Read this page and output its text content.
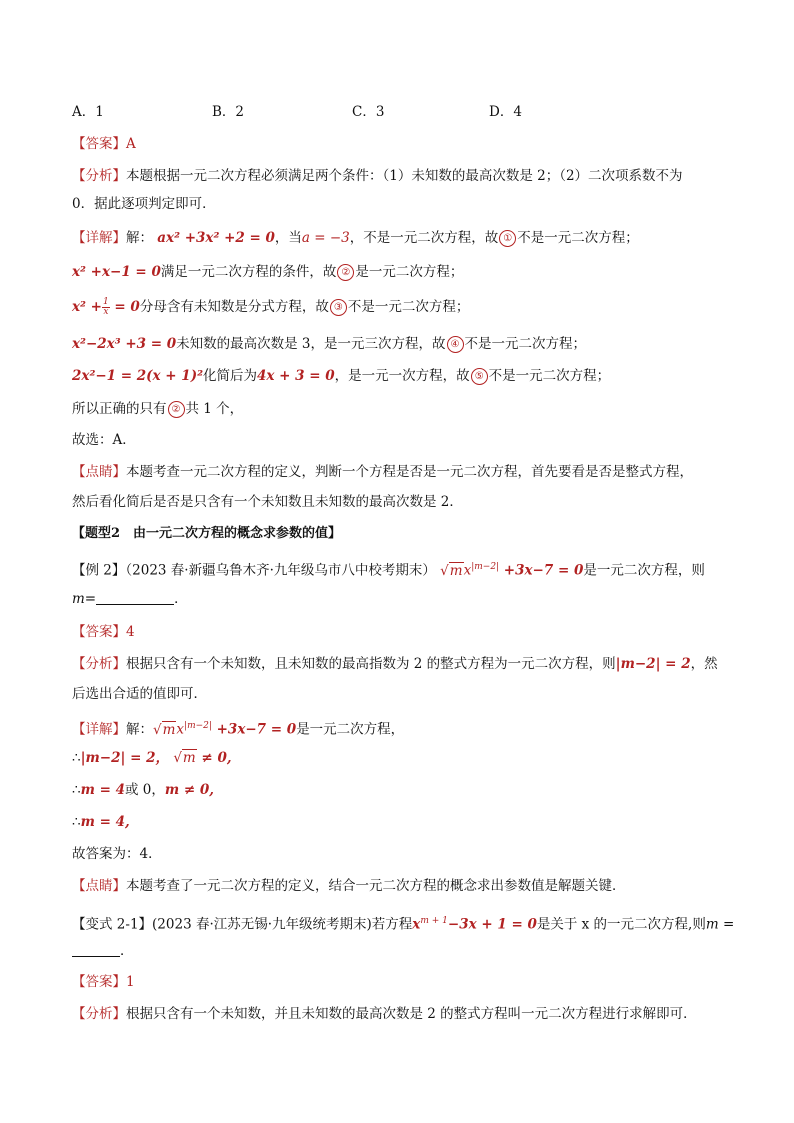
A．1	B．2	C．3	D．4
【答案】A
【分析】本题根据一元二次方程必须满足两个条件：（1）未知数的最高次数是 2；（2）二次项系数不为
0．据此逐项判定即可．
【详解】解： ax² +3x² +2 = 0，当a = −3，不是一元二次方程，故 ① 不是一元二次方程；
x² +x−1 = 0满足一元二次方程的条件，故 ② 是一元二次方程；
$x^2 + \frac{1}{x} = 0$分母含有未知数是分式方程，故 ③ 不是一元二次方程；
x²−2x³ +3 = 0未知数的最高次数是 3，是一元三次方程，故 ④ 不是一元二次方程；
2x²−1 = 2(x + 1)²化简后为4x + 3 = 0，是一元一次方程，故 ⑤ 不是一元二次方程；
所以正确的只有 ② 共 1 个，
故选：A．
【点睛】本题考查一元二次方程的定义，判断一个方程是否是一元二次方程，首先要看是否是整式方程，
然后看化简后是否是只含有一个未知数且未知数的最高次数是 2．
【题型2　由一元二次方程的概念求参数的值】
【例 2】（2023 春·新疆乌鲁木齐·九年级乌市八中校考期末） $√mx^{|m-2|} +3x-7 = 0$是一元二次方程，则
m=	．
【答案】4
【分析】根据只含有一个未知数，且未知数的最高指数为 2 的整式方程为一元二次方程，则|m−2| = 2，然
后选出合适的值即可．
【详解】解：$√mx^{|m-2|} +3x-7 = 0$是一元二次方程，
∴|m−2| = 2， √m ≠ 0,
∴m = 4或 0，m ≠ 0,
∴m = 4,
故答案为：4．
【点睛】本题考查了一元二次方程的定义，结合一元二次方程的概念求出参数值是解题关键．
【变式 2-1】(2023 春·江苏无锡·九年级统考期末)若方程$x^{m + 1}-3x + 1 = 0$是关于 x 的一元二次方程,则m =
．
【答案】1
【分析】根据只含有一个未知数，并且未知数的最高次数是 2 的整式方程叫一元二次方程进行求解即可．
